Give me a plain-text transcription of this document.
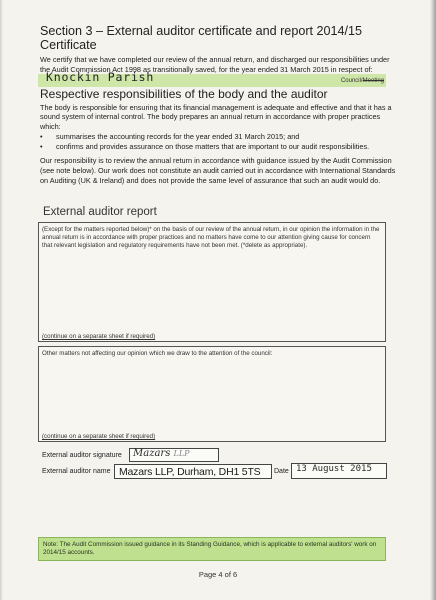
Section 3 – External auditor certificate and report 2014/15
Certificate
We certify that we have completed our review of the annual return, and discharged our responsibilities under the Audit Commission Act 1998 as transitionally saved, for the year ended 31 March 2015 in respect of:
Knockin Parish	Council/Meeting
Respective responsibilities of the body and the auditor
The body is responsible for ensuring that its financial management is adequate and effective and that it has a sound system of internal control. The body prepares an annual return in accordance with proper practices which:
• summarises the accounting records for the year ended 31 March 2015; and
• confirms and provides assurance on those matters that are important to our audit responsibilities.
Our responsibility is to review the annual return in accordance with guidance issued by the Audit Commission (see note below). Our work does not constitute an audit carried out in accordance with International Standards on Auditing (UK & Ireland) and does not provide the same level of assurance that such an audit would do.
External auditor report
(Except for the matters reported below)* on the basis of our review of the annual return, in our opinion the information in the annual return is in accordance with proper practices and no matters have come to our attention giving cause for concern that relevant legislation and regulatory requirements have not been met. (*delete as appropriate).
(continue on a separate sheet if required)
Other matters not affecting our opinion which we draw to the attention of the council:
(continue on a separate sheet if required)
External auditor signature Mazars LLP
External auditor name Mazars LLP, Durham, DH1 5TS Date 13 August 2015
Note: The Audit Commission issued guidance in its Standing Guidance, which is applicable to external auditors' work on 2014/15 accounts.
Page 4 of 6
